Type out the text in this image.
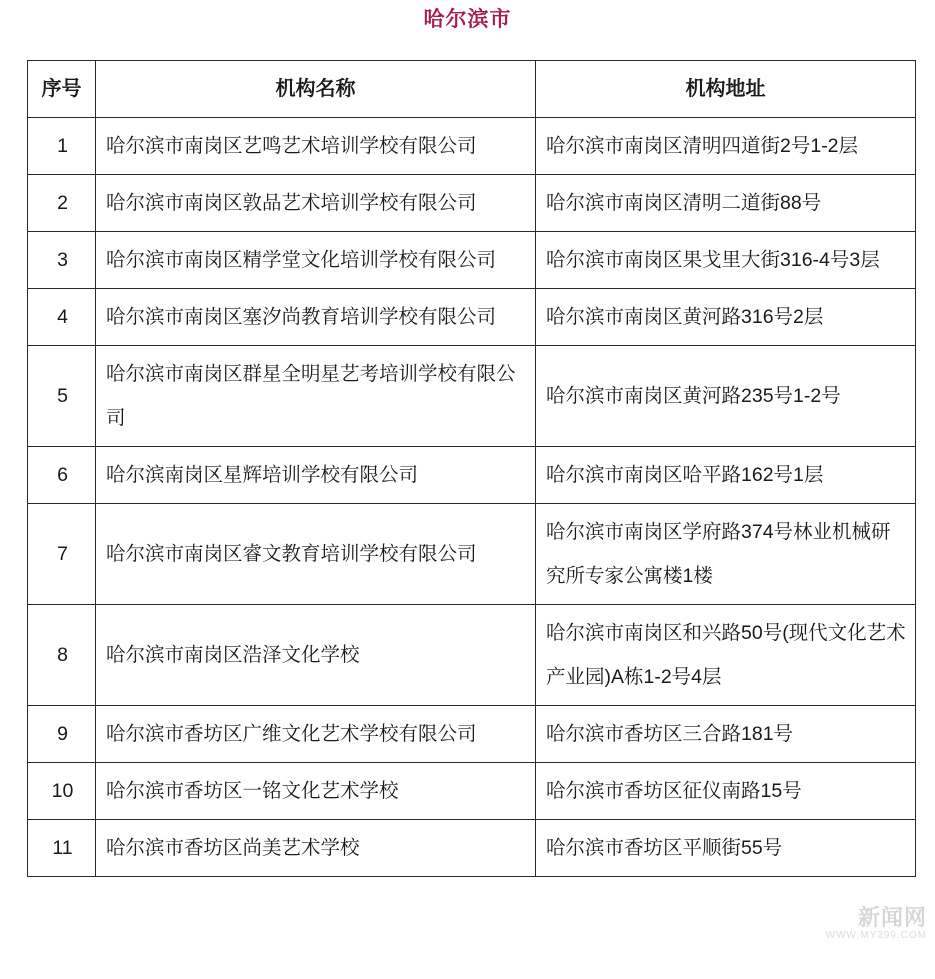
哈尔滨市
序号	机构名称	机构地址
1	哈尔滨市南岗区艺鸣艺术培训学校有限公司	哈尔滨市南岗区清明四道街2号1-2层
2	哈尔滨市南岗区敦品艺术培训学校有限公司	哈尔滨市南岗区清明二道街88号
3	哈尔滨市南岗区精学堂文化培训学校有限公司	哈尔滨市南岗区果戈里大街316-4号3层
4	哈尔滨市南岗区塞汐尚教育培训学校有限公司	哈尔滨市南岗区黄河路316号2层
5	哈尔滨市南岗区群星全明星艺考培训学校有限公司	哈尔滨市南岗区黄河路235号1-2号
6	哈尔滨南岗区星辉培训学校有限公司	哈尔滨市南岗区哈平路162号1层
7	哈尔滨市南岗区睿文教育培训学校有限公司	哈尔滨市南岗区学府路374号林业机械研究所专家公寓楼1楼
8	哈尔滨市南岗区浩泽文化学校	哈尔滨市南岗区和兴路50号(现代文化艺术产业园)A栋1-2号4层
9	哈尔滨市香坊区广维文化艺术学校有限公司	哈尔滨市香坊区三合路181号
10	哈尔滨市香坊区一铭文化艺术学校	哈尔滨市香坊区征仪南路15号
11	哈尔滨市香坊区尚美艺术学校	哈尔滨市香坊区平顺街55号
新闻网
WWW.MY399.COM
